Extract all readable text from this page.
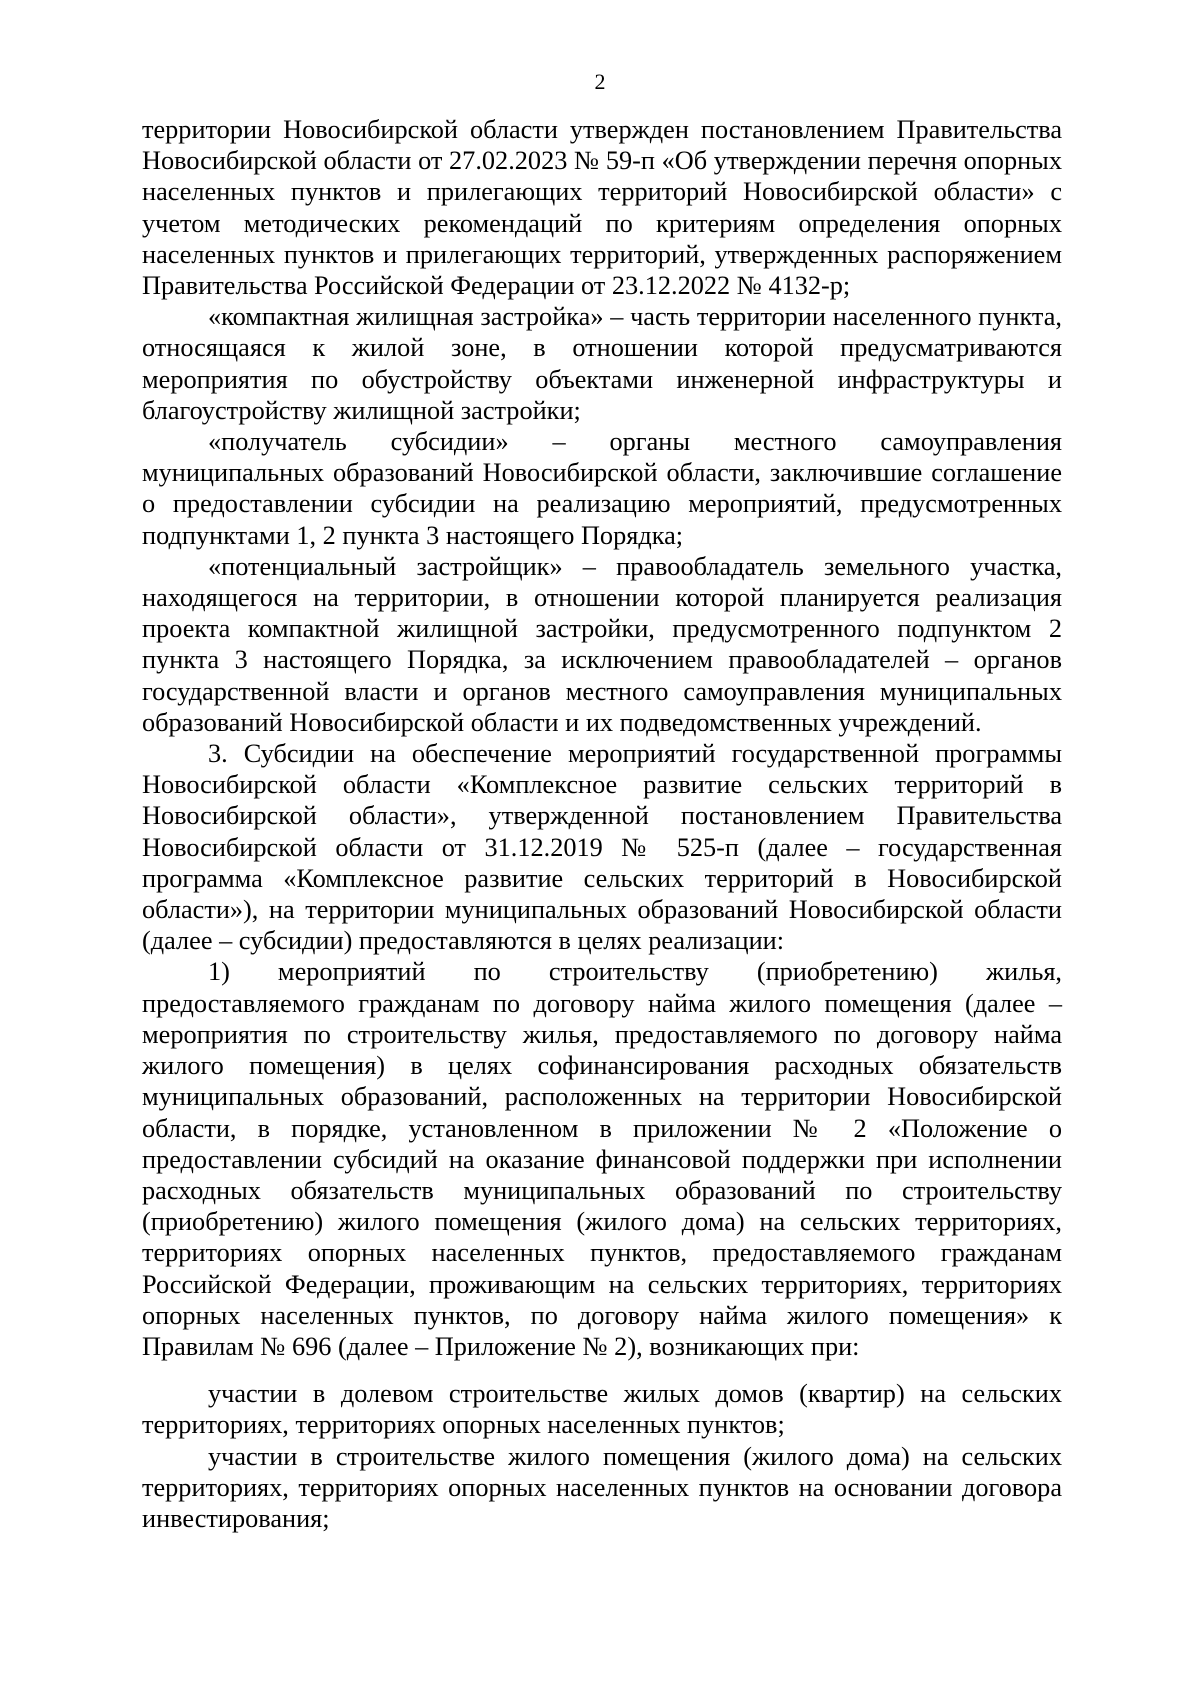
2

территории Новосибирской области утвержден постановлением Правительства Новосибирской области от 27.02.2023 № 59-п «Об утверждении перечня опорных населенных пунктов и прилегающих территорий Новосибирской области» с учетом методических рекомендаций по критериям определения опорных населенных пунктов и прилегающих территорий, утвержденных распоряжением Правительства Российской Федерации от 23.12.2022 № 4132-р;

«компактная жилищная застройка» – часть территории населенного пункта, относящаяся к жилой зоне, в отношении которой предусматриваются мероприятия по обустройству объектами инженерной инфраструктуры и благоустройству жилищной застройки;

«получатель субсидии» – органы местного самоуправления муниципальных образований Новосибирской области, заключившие соглашение о предоставлении субсидии на реализацию мероприятий, предусмотренных подпунктами 1, 2 пункта 3 настоящего Порядка;

«потенциальный застройщик» – правообладатель земельного участка, находящегося на территории, в отношении которой планируется реализация проекта компактной жилищной застройки, предусмотренного подпунктом 2 пункта 3 настоящего Порядка, за исключением правообладателей – органов государственной власти и органов местного самоуправления муниципальных образований Новосибирской области и их подведомственных учреждений.

3. Субсидии на обеспечение мероприятий государственной программы Новосибирской области «Комплексное развитие сельских территорий в Новосибирской области», утвержденной постановлением Правительства Новосибирской области от 31.12.2019 № 525-п (далее – государственная программа «Комплексное развитие сельских территорий в Новосибирской области»), на территории муниципальных образований Новосибирской области (далее – субсидии) предоставляются в целях реализации:

1) мероприятий по строительству (приобретению) жилья, предоставляемого гражданам по договору найма жилого помещения (далее – мероприятия по строительству жилья, предоставляемого по договору найма жилого помещения) в целях софинансирования расходных обязательств муниципальных образований, расположенных на территории Новосибирской области, в порядке, установленном в приложении № 2 «Положение о предоставлении субсидий на оказание финансовой поддержки при исполнении расходных обязательств муниципальных образований по строительству (приобретению) жилого помещения (жилого дома) на сельских территориях, территориях опорных населенных пунктов, предоставляемого гражданам Российской Федерации, проживающим на сельских территориях, территориях опорных населенных пунктов, по договору найма жилого помещения» к Правилам № 696 (далее – Приложение № 2), возникающих при:

участии в долевом строительстве жилых домов (квартир) на сельских территориях, территориях опорных населенных пунктов;

участии в строительстве жилого помещения (жилого дома) на сельских территориях, территориях опорных населенных пунктов на основании договора инвестирования;
